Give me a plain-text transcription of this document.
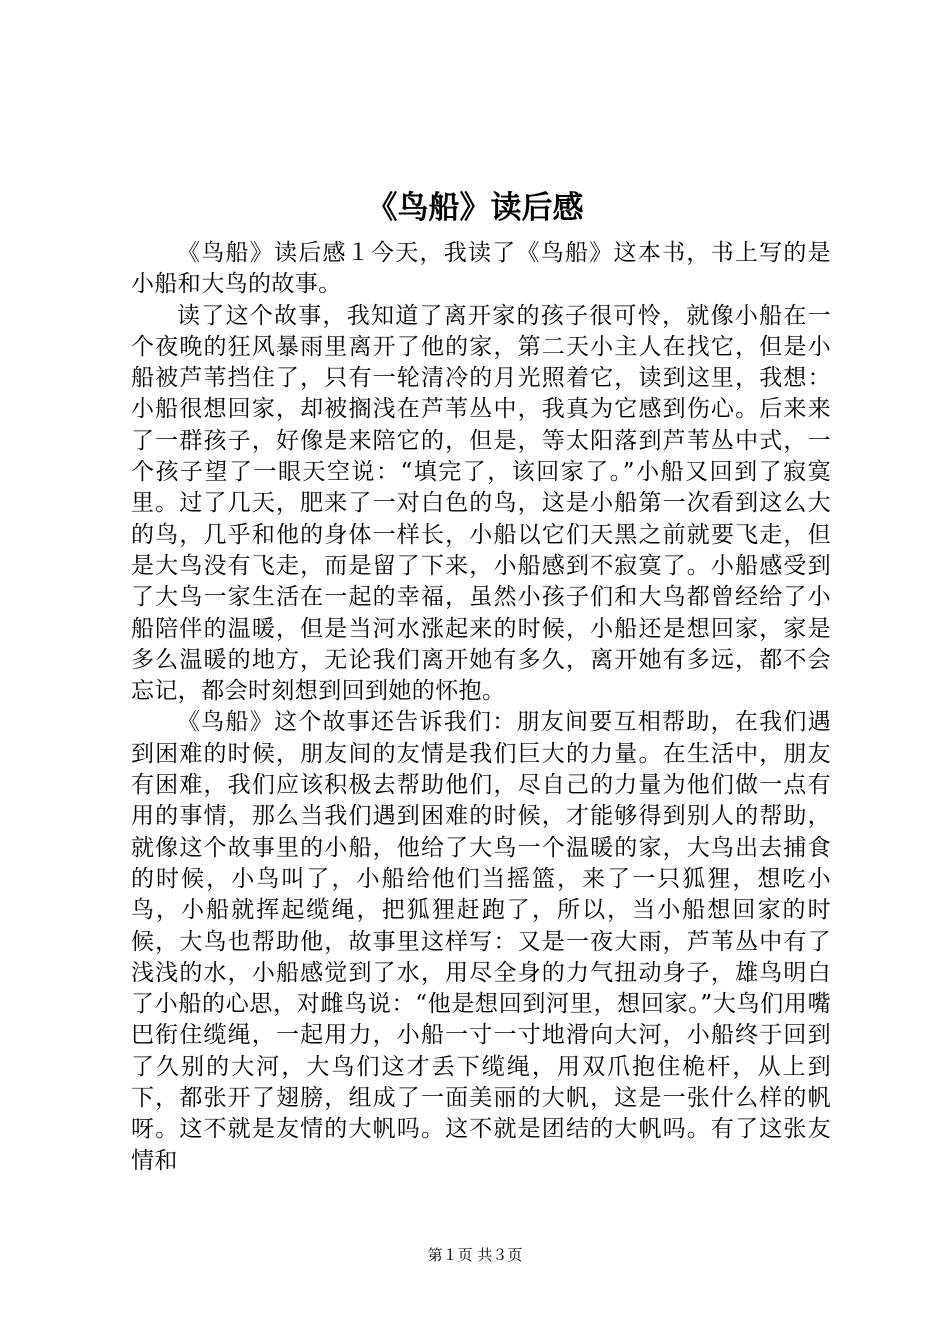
《鸟船》读后感

《鸟船》读后感１今天，我读了《鸟船》这本书，书上写的是小船和大鸟的故事。

读了这个故事，我知道了离开家的孩子很可怜，就像小船在一个夜晚的狂风暴雨里离开了他的家，第二天小主人在找它，但是小船被芦苇挡住了，只有一轮清冷的月光照着它，读到这里，我想：小船很想回家，却被搁浅在芦苇丛中，我真为它感到伤心。后来来了一群孩子，好像是来陪它的，但是，等太阳落到芦苇丛中式，一个孩子望了一眼天空说：“填完了，该回家了。”小船又回到了寂寞里。过了几天，肥来了一对白色的鸟，这是小船第一次看到这么大的鸟，几乎和他的身体一样长，小船以它们天黑之前就要飞走，但是大鸟没有飞走，而是留了下来，小船感到不寂寞了。小船感受到了大鸟一家生活在一起的幸福，虽然小孩子们和大鸟都曾经给了小船陪伴的温暖，但是当河水涨起来的时候，小船还是想回家，家是多么温暖的地方，无论我们离开她有多久，离开她有多远，都不会忘记，都会时刻想到回到她的怀抱。

《鸟船》这个故事还告诉我们：朋友间要互相帮助，在我们遇到困难的时候，朋友间的友情是我们巨大的力量。在生活中，朋友有困难，我们应该积极去帮助他们，尽自己的力量为他们做一点有用的事情，那么当我们遇到困难的时候，才能够得到别人的帮助，就像这个故事里的小船，他给了大鸟一个温暖的家，大鸟出去捕食的时候，小鸟叫了，小船给他们当摇篮，来了一只狐狸，想吃小鸟，小船就挥起缆绳，把狐狸赶跑了，所以，当小船想回家的时候，大鸟也帮助他，故事里这样写：又是一夜大雨，芦苇丛中有了浅浅的水，小船感觉到了水，用尽全身的力气扭动身子，雄鸟明白了小船的心思，对雌鸟说：“他是想回到河里，想回家。”大鸟们用嘴巴衔住缆绳，一起用力，小船一寸一寸地滑向大河，小船终于回到了久别的大河，大鸟们这才丢下缆绳，用双爪抱住桅杆，从上到下，都张开了翅膀，组成了一面美丽的大帆，这是一张什么样的帆呀。这不就是友情的大帆吗。这不就是团结的大帆吗。有了这张友情和

第１页 共３页
